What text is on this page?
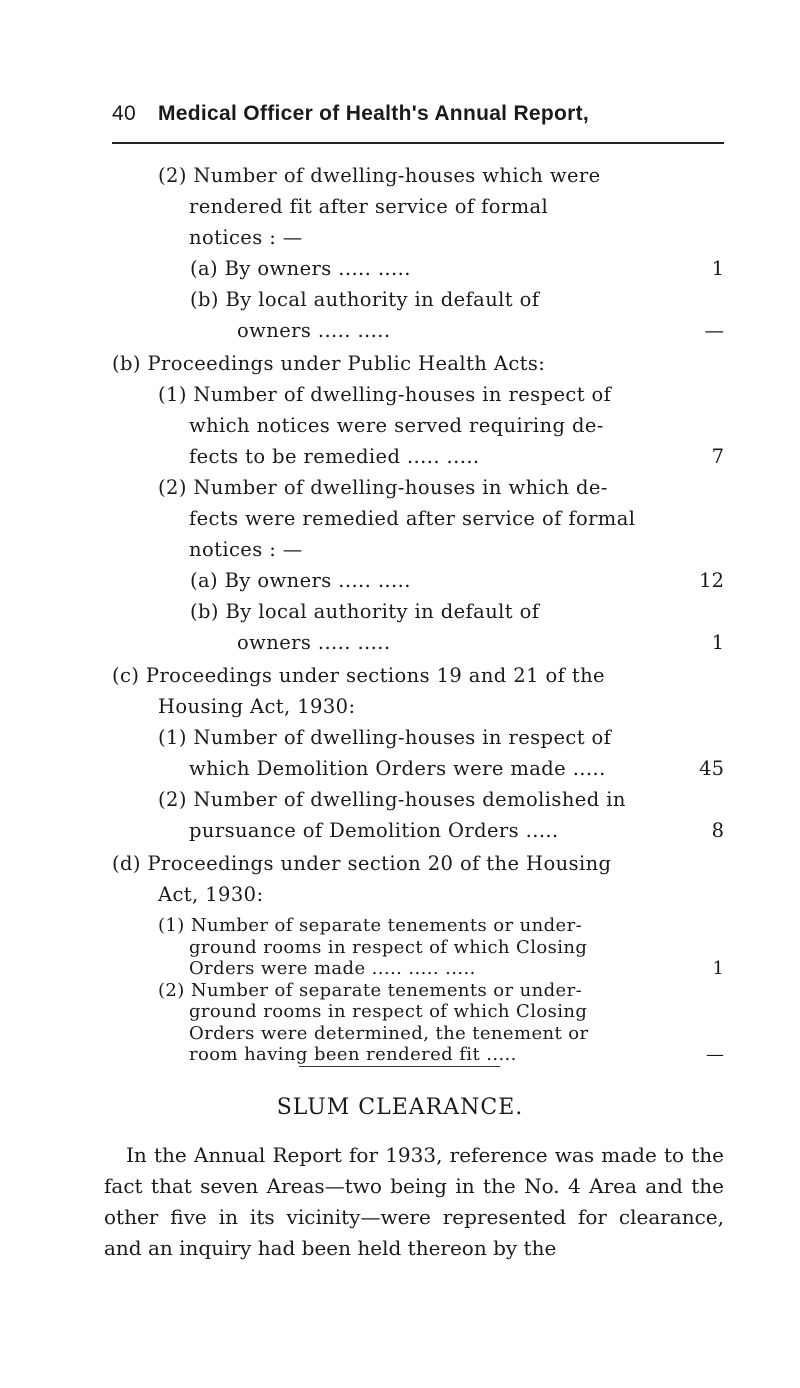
40 Medical Officer of Health's Annual Report,
(2) Number of dwelling-houses which were
rendered fit after service of formal
notices : —
(a) By owners ..... .....	1
(b) By local authority in default of
owners ..... .....	—
(b) Proceedings under Public Health Acts:
(1) Number of dwelling-houses in respect of
which notices were served requiring de-
fects to be remedied ..... .....	7
(2) Number of dwelling-houses in which de-
fects were remedied after service of formal
notices : —
(a) By owners ..... .....	12
(b) By local authority in default of
owners ..... .....	1
(c) Proceedings under sections 19 and 21 of the
Housing Act, 1930:
(1) Number of dwelling-houses in respect of
which Demolition Orders were made .....	45
(2) Number of dwelling-houses demolished in
pursuance of Demolition Orders .....	8
(d) Proceedings under section 20 of the Housing
Act, 1930:
(1) Number of separate tenements or under-
ground rooms in respect of which Closing
Orders were made ..... ..... .....	1
(2) Number of separate tenements or under-
ground rooms in respect of which Closing
Orders were determined, the tenement or
room having been rendered fit .....	—
SLUM CLEARANCE.

In the Annual Report for 1933, reference was made to the fact that seven Areas—two being in the No. 4 Area and the other five in its vicinity—were represented for clearance, and an inquiry had been held thereon by the
